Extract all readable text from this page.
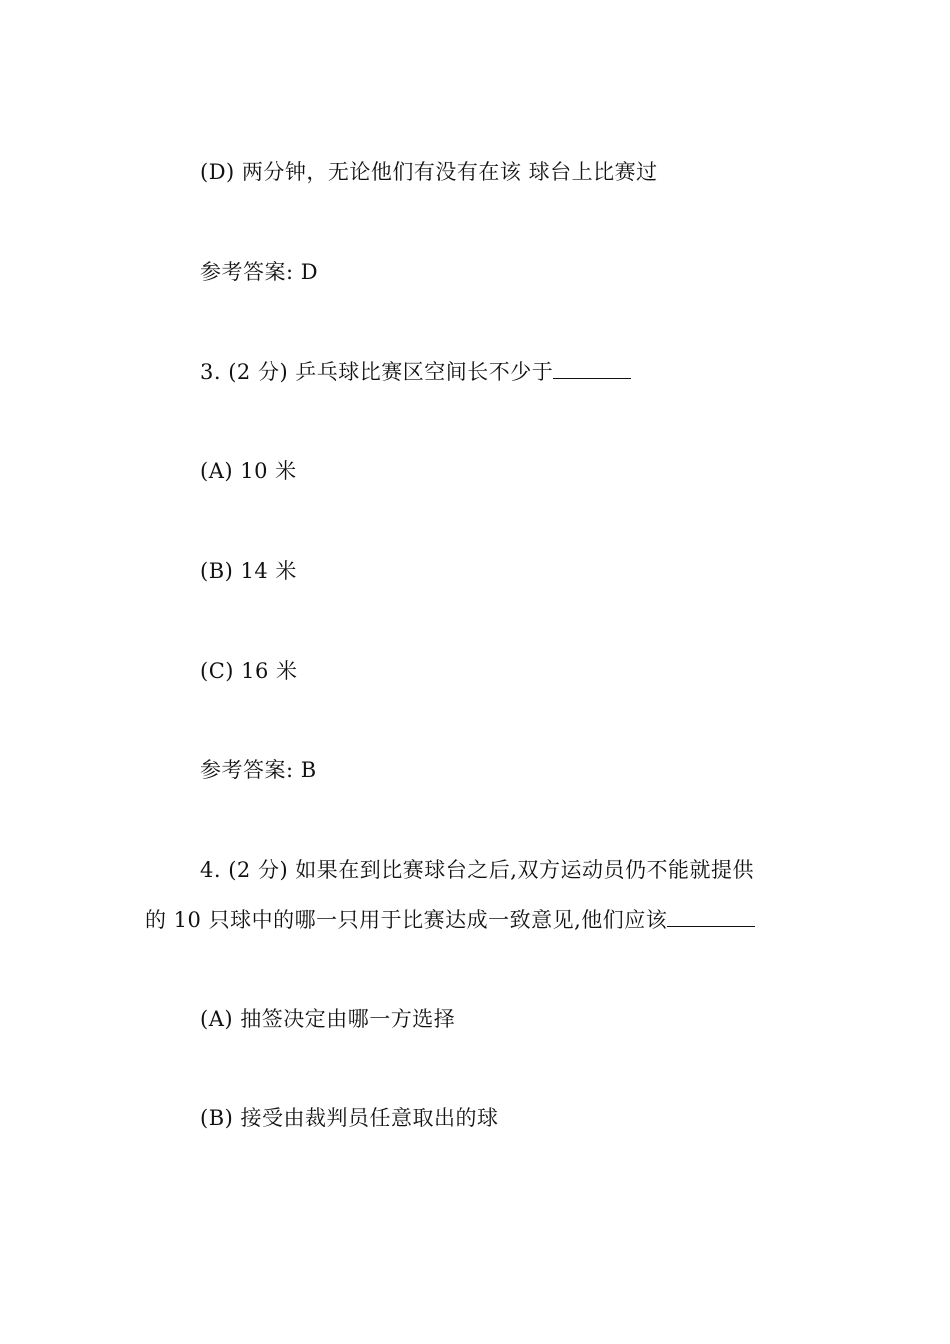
(D) 两分钟，无论他们有没有在该 球台上比赛过
参考答案: D
3. (2 分) 乒乓球比赛区空间长不少于
(A) 10 米
(B) 14 米
(C) 16 米
参考答案: B
4. (2 分) 如果在到比赛球台之后,双方运动员仍不能就提供
的 10 只球中的哪一只用于比赛达成一致意见,他们应该
(A) 抽签决定由哪一方选择
(B) 接受由裁判员任意取出的球
